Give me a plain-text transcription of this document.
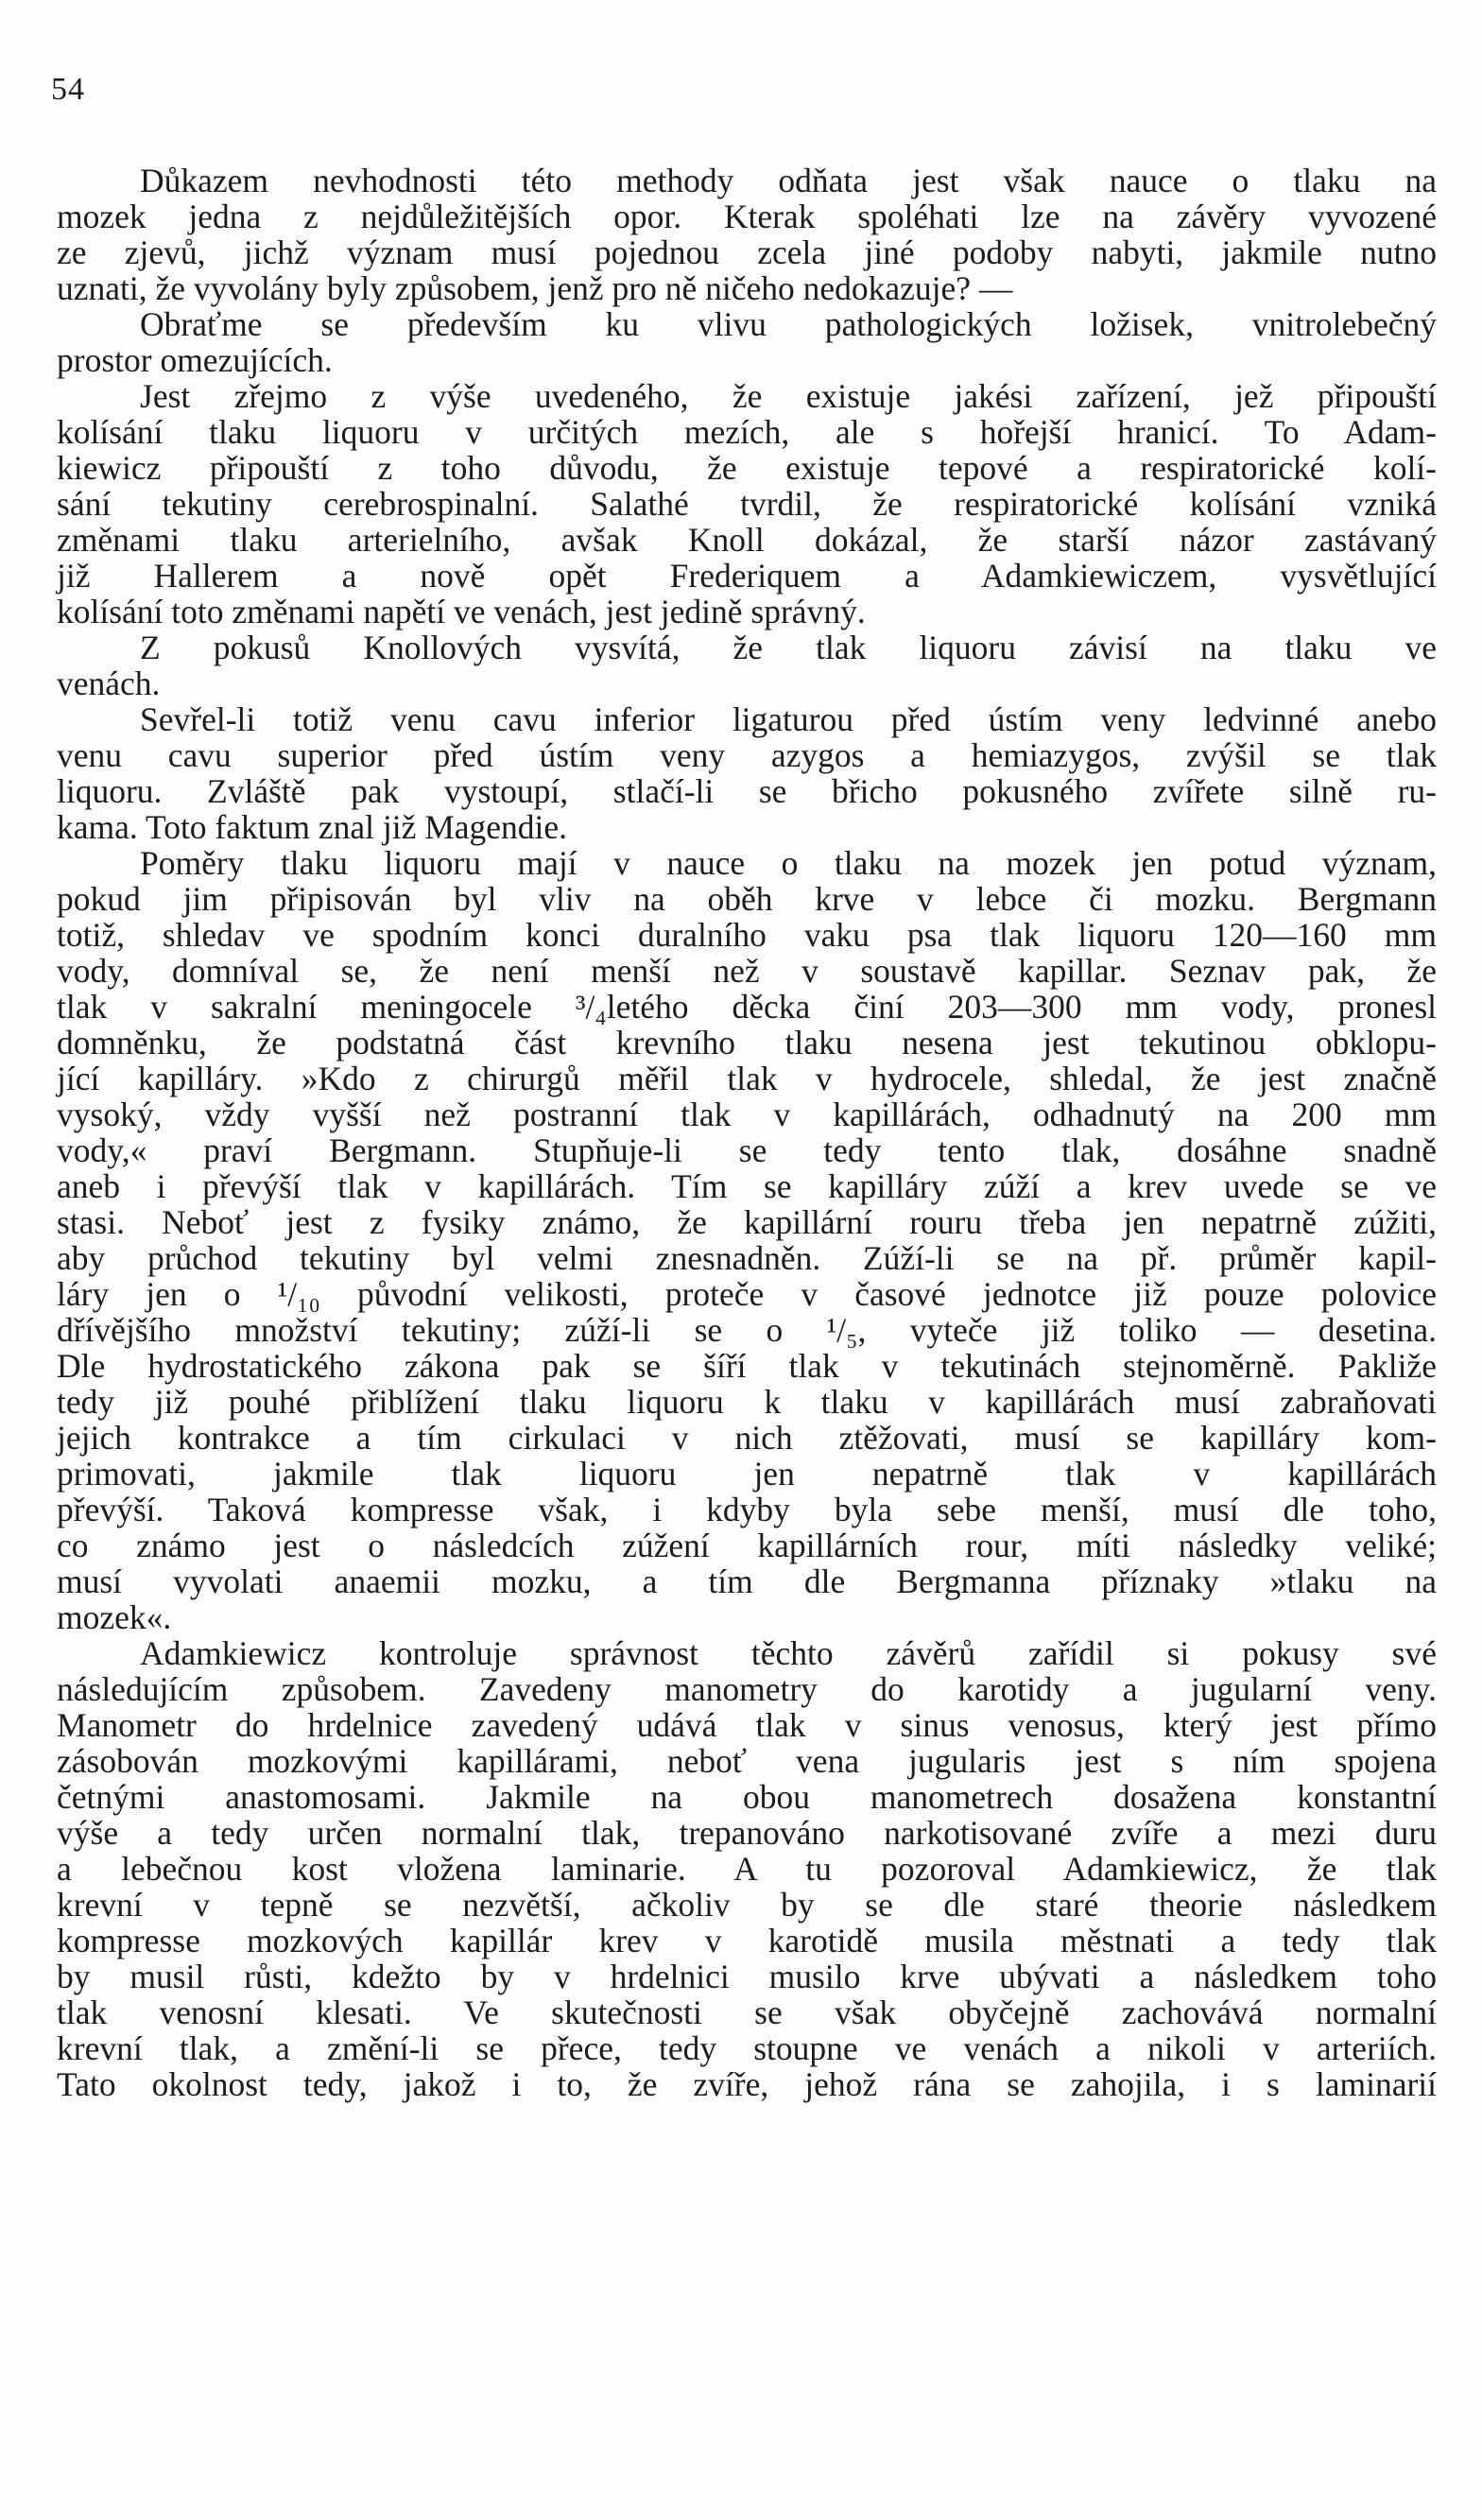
54
Důkazem nevhodnosti této methody odňata jest však nauce o tlaku na
mozek jedna z nejdůležitějších opor. Kterak spoléhati lze na závěry vyvozené
ze zjevů, jichž význam musí pojednou zcela jiné podoby nabyti, jakmile nutno
uznati, že vyvolány byly způsobem, jenž pro ně ničeho nedokazuje? —
Obraťme se především ku vlivu pathologických ložisek, vnitrolebečný
prostor omezujících.
Jest zřejmo z výše uvedeného, že existuje jakési zařízení, jež připouští
kolísání tlaku liquoru v určitých mezích, ale s hořejší hranicí. To Adam-
kiewicz připouští z toho důvodu, že existuje tepové a respiratorické kolí-
sání tekutiny cerebrospinalní. Salathé tvrdil, že respiratorické kolísání vzniká
změnami tlaku arterielního, avšak Knoll dokázal, že starší názor zastávaný
již Hallerem a nově opět Frederiquem a Adamkiewiczem, vysvětlující
kolísání toto změnami napětí ve venách, jest jedině správný.
Z pokusů Knollových vysvítá, že tlak liquoru závisí na tlaku ve
venách.
Sevřel-li totiž venu cavu inferior ligaturou před ústím veny ledvinné anebo
venu cavu superior před ústím veny azygos a hemiazygos, zvýšil se tlak
liquoru. Zvláště pak vystoupí, stlačí-li se břicho pokusného zvířete silně ru-
kama. Toto faktum znal již Magendie.
Poměry tlaku liquoru mají v nauce o tlaku na mozek jen potud význam,
pokud jim připisován byl vliv na oběh krve v lebce či mozku. Bergmann
totiž, shledav ve spodním konci duralního vaku psa tlak liquoru 120—160 mm
vody, domníval se, že není menší než v soustavě kapillar. Seznav pak, že
tlak v sakralní meningocele ³/₄letého děcka činí 203—300 mm vody, pronesl
domněnku, že podstatná část krevního tlaku nesena jest tekutinou obklopu-
jící kapilláry. »Kdo z chirurgů měřil tlak v hydrocele, shledal, že jest značně
vysoký, vždy vyšší než postranní tlak v kapillárách, odhadnutý na 200 mm
vody,« praví Bergmann. Stupňuje-li se tedy tento tlak, dosáhne snadně
aneb i převýší tlak v kapillárách. Tím se kapilláry zúží a krev uvede se ve
stasi. Neboť jest z fysiky známo, že kapillární rouru třeba jen nepatrně zúžiti,
aby průchod tekutiny byl velmi znesnadněn. Zúží-li se na př. průměr kapil-
láry jen o ¹/₁₀ původní velikosti, proteče v časové jednotce již pouze polovice
dřívějšího množství tekutiny; zúží-li se o ¹/₅, vyteče již toliko — desetina.
Dle hydrostatického zákona pak se šíří tlak v tekutinách stejnoměrně. Pakliže
tedy již pouhé přiblížení tlaku liquoru k tlaku v kapillárách musí zabraňovati
jejich kontrakce a tím cirkulaci v nich ztěžovati, musí se kapilláry kom-
primovati, jakmile tlak liquoru jen nepatrně tlak v kapillárách
převýší. Taková kompresse však, i kdyby byla sebe menší, musí dle toho,
co známo jest o následcích zúžení kapillárních rour, míti následky veliké;
musí vyvolati anaemii mozku, a tím dle Bergmanna příznaky »tlaku na
mozek«.
Adamkiewicz kontroluje správnost těchto závěrů zařídil si pokusy své
následujícím způsobem. Zavedeny manometry do karotidy a jugularní veny.
Manometr do hrdelnice zavedený udává tlak v sinus venosus, který jest přímo
zásobován mozkovými kapillárami, neboť vena jugularis jest s ním spojena
četnými anastomosami. Jakmile na obou manometrech dosažena konstantní
výše a tedy určen normalní tlak, trepanováno narkotisované zvíře a mezi duru
a lebečnou kost vložena laminarie. A tu pozoroval Adamkiewicz, že tlak
krevní v tepně se nezvětší, ačkoliv by se dle staré theorie následkem
kompresse mozkových kapillár krev v karotidě musila městnati a tedy tlak
by musil růsti, kdežto by v hrdelnici musilo krve ubývati a následkem toho
tlak venosní klesati. Ve skutečnosti se však obyčejně zachovává normalní
krevní tlak, a změní-li se přece, tedy stoupne ve venách a nikoli v arteriích.
Tato okolnost tedy, jakož i to, že zvíře, jehož rána se zahojila, i s laminarií
